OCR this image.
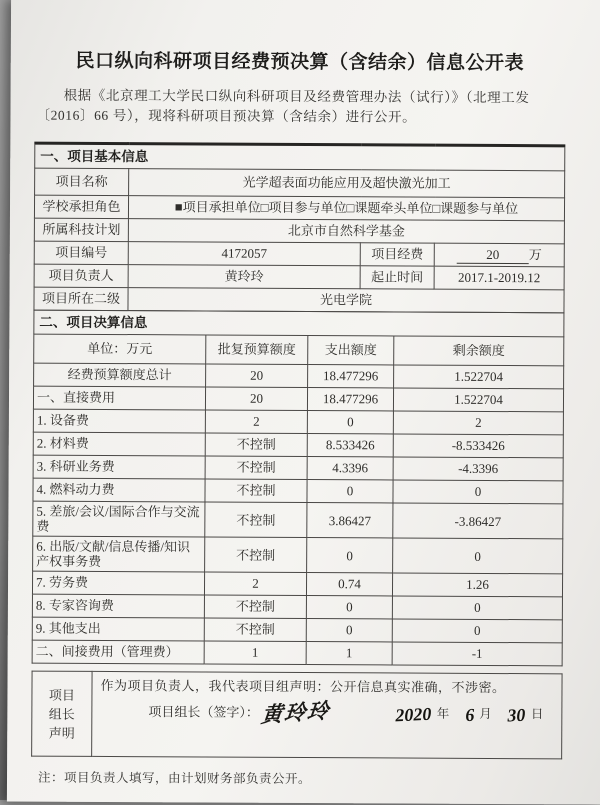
民口纵向科研项目经费预决算（含结余）信息公开表

根据《北京理工大学民口纵向科研项目及经费管理办法（试行）》（北理工发〔2016〕66 号），现将科研项目预决算（含结余）进行公开。

一、项目基本信息			
项目名称	光学超表面功能应用及超快激光加工		
学校承担角色	■项目承担单位□项目参与单位□课题牵头单位□课题参与单位		
所属科技计划	北京市自然科学基金		
项目编号	4172057	项目经费	20 万
项目负责人	黄玲玲	起止时间	2017.1-2019.12
项目所在二级	光电学院		
二、项目决算信息			
单位：万元	批复预算额度	支出额度	剩余额度
经费预算额度总计	20	18.477296	1.522704
一、直接费用	20	18.477296	1.522704
1. 设备费	2	0	2
2. 材料费	不控制	8.533426	-8.533426
3. 科研业务费	不控制	4.3396	-4.3396
4. 燃料动力费	不控制	0	0
5. 差旅/会议/国际合作与交流费	不控制	3.86427	-3.86427
6. 出版/文献/信息传播/知识产权事务费	不控制	0	0
7. 劳务费	2	0.74	1.26
8. 专家咨询费	不控制	0	0
9. 其他支出	不控制	0	0
二、间接费用（管理费）	1	1	-1
项目
组长
声明

作为项目负责人，我代表项目组声明：公开信息真实准确，不涉密。
项目组长（签字）： 黄玲玲	2020 年 6 月 30 日
注：项目负责人填写，由计划财务部负责公开。
